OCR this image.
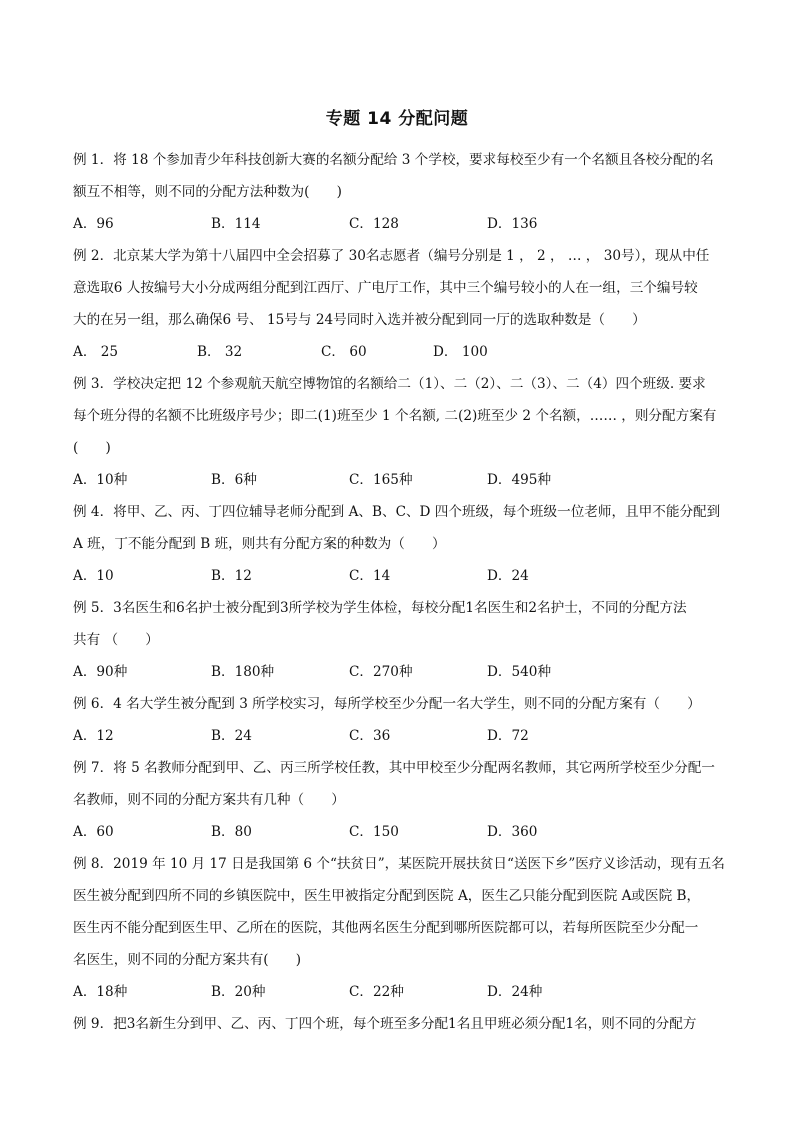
专题 14 分配问题
例 1．将 18 个参加青少年科技创新大赛的名额分配给 3 个学校，要求每校至少有一个名额且各校分配的名
额互不相等，则不同的分配方法种数为(　　)
A．96	B．114	C．128	D．136
例 2．北京某大学为第十八届四中全会招募了 30名志愿者（编号分别是 1 ， 2 ， … ， 30号），现从中任
意选取6 人按编号大小分成两组分配到江西厅、广电厅工作，其中三个编号较小的人在一组，三个编号较
大的在另一组，那么确保6 号、 15号与 24号同时入选并被分配到同一厅的选取种数是（　　）
A． 25	B． 32	C． 60	D． 100
例 3．学校决定把 12 个参观航天航空博物馆的名额给二（1）、二（2）、二（3）、二（4）四个班级. 要求
每个班分得的名额不比班级序号少；即二(1)班至少 1 个名额, 二(2)班至少 2 个名额，…… ，则分配方案有
(　　)
A．10种	B．6种	C．165种	D．495种
例 4．将甲、乙、丙、丁四位辅导老师分配到 A、B、C、D 四个班级，每个班级一位老师，且甲不能分配到
A 班，丁不能分配到 B 班，则共有分配方案的种数为（　　）
A．10	B．12	C．14	D．24
例 5．3名医生和6名护士被分配到3所学校为学生体检，每校分配1名医生和2名护士，不同的分配方法
共有 （　　）
A．90种	B．180种	C．270种	D．540种
例 6．4 名大学生被分配到 3 所学校实习，每所学校至少分配一名大学生，则不同的分配方案有（　　）
A．12	B．24	C．36	D．72
例 7．将 5 名教师分配到甲、乙、丙三所学校任教，其中甲校至少分配两名教师，其它两所学校至少分配一
名教师，则不同的分配方案共有几种（　　）
A．60	B．80	C．150	D．360
例 8．2019 年 10 月 17 日是我国第 6 个“扶贫日”，某医院开展扶贫日“送医下乡”医疗义诊活动，现有五名
医生被分配到四所不同的乡镇医院中，医生甲被指定分配到医院 A，医生乙只能分配到医院 A或医院 B，
医生丙不能分配到医生甲、乙所在的医院，其他两名医生分配到哪所医院都可以，若每所医院至少分配一
名医生，则不同的分配方案共有(　　)
A．18种	B．20种	C．22种	D．24种
例 9．把3名新生分到甲、乙、丙、丁四个班，每个班至多分配1名且甲班必须分配1名，则不同的分配方
